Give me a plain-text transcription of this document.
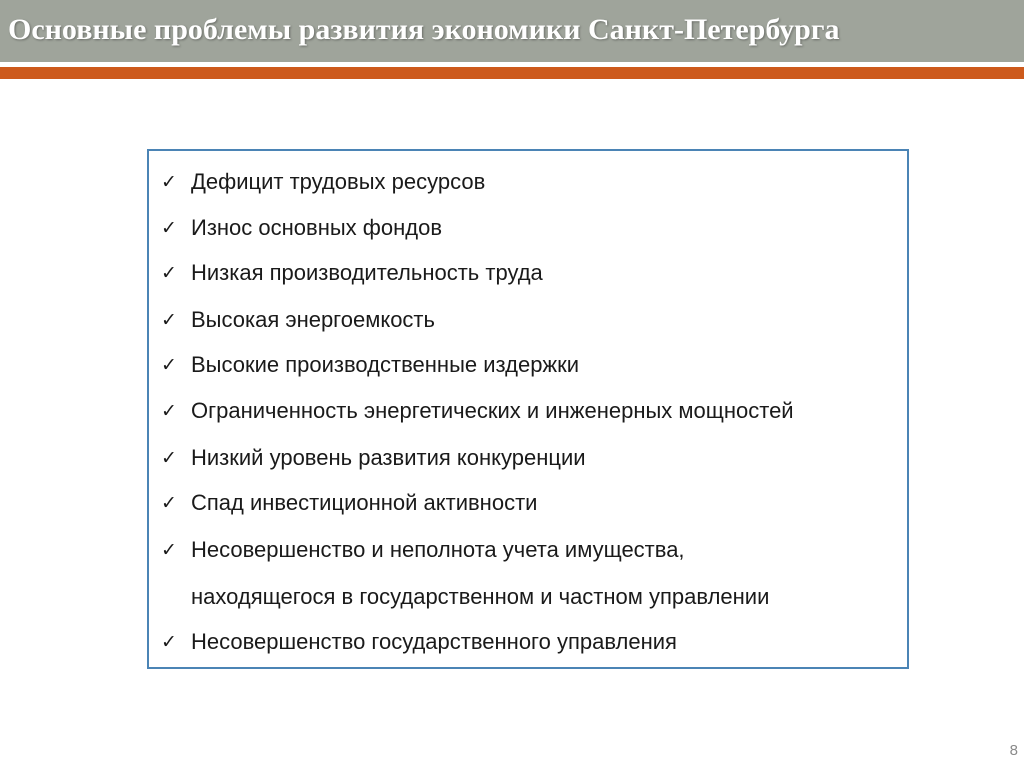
Основные проблемы развития экономики Санкт-Петербурга
✓ Дефицит трудовых ресурсов
✓ Износ основных фондов
✓ Низкая производительность труда
✓ Высокая энергоемкость
✓ Высокие производственные издержки
✓ Ограниченность энергетических и инженерных мощностей
✓ Низкий уровень развития конкуренции
✓ Спад инвестиционной активности
✓ Несовершенство и неполнота учета имущества,
находящегося в государственном и частном управлении
✓ Несовершенство государственного управления
8
